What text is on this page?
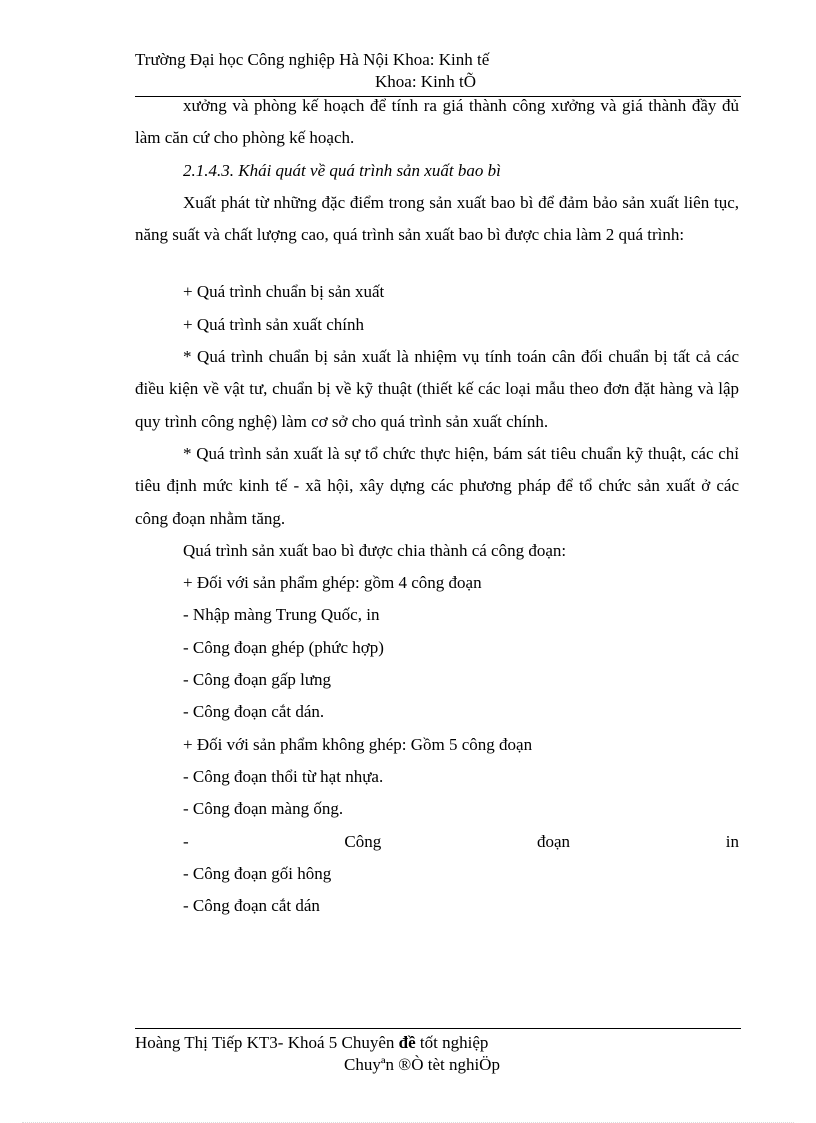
Trường Đại học Công nghiệp Hà Nội Khoa: Kinh tế
Khoa: Kinh tÕ

xưởng và phòng kế hoạch để tính ra giá thành công xưởng và giá thành đầy đủ làm căn cứ cho phòng kế hoạch.

2.1.4.3. Khái quát về quá trình sản xuất bao bì

Xuất phát từ những đặc điểm trong sản xuất bao bì để đảm bảo sản xuất liên tục, năng suất và chất lượng cao, quá trình sản xuất bao bì được chia làm 2 quá trình:

+ Quá trình chuẩn bị sản xuất

+ Quá trình sản xuất chính

* Quá trình chuẩn bị sản xuất là nhiệm vụ tính toán cân đối chuẩn bị tất cả các điều kiện về vật tư, chuẩn bị về kỹ thuật (thiết kế các loại mẫu theo đơn đặt hàng và lập quy trình công nghệ) làm cơ sở cho quá trình sản xuất chính.

* Quá trình sản xuất là sự tổ chức thực hiện, bám sát tiêu chuẩn kỹ thuật, các chỉ tiêu định mức kinh tế - xã hội, xây dựng các phương pháp để tổ chức sản xuất ở các công đoạn nhằm tăng.

Quá trình sản xuất bao bì được chia thành cá công đoạn:

+ Đối với sản phẩm ghép: gồm 4 công đoạn

- Nhập màng Trung Quốc, in

- Công đoạn ghép (phức hợp)

- Công đoạn gấp lưng

- Công đoạn cắt dán.

+ Đối với sản phẩm không ghép: Gồm 5 công đoạn

- Công đoạn thổi từ hạt nhựa.

- Công đoạn màng ống.

-	Công	đoạn	in

- Công đoạn gối hông

- Công đoạn cắt dán

Hoàng Thị Tiếp KT3- Khoá 5 Chuyên đề tốt nghiệp
Chuyªn ®Ò tèt nghiÖp
